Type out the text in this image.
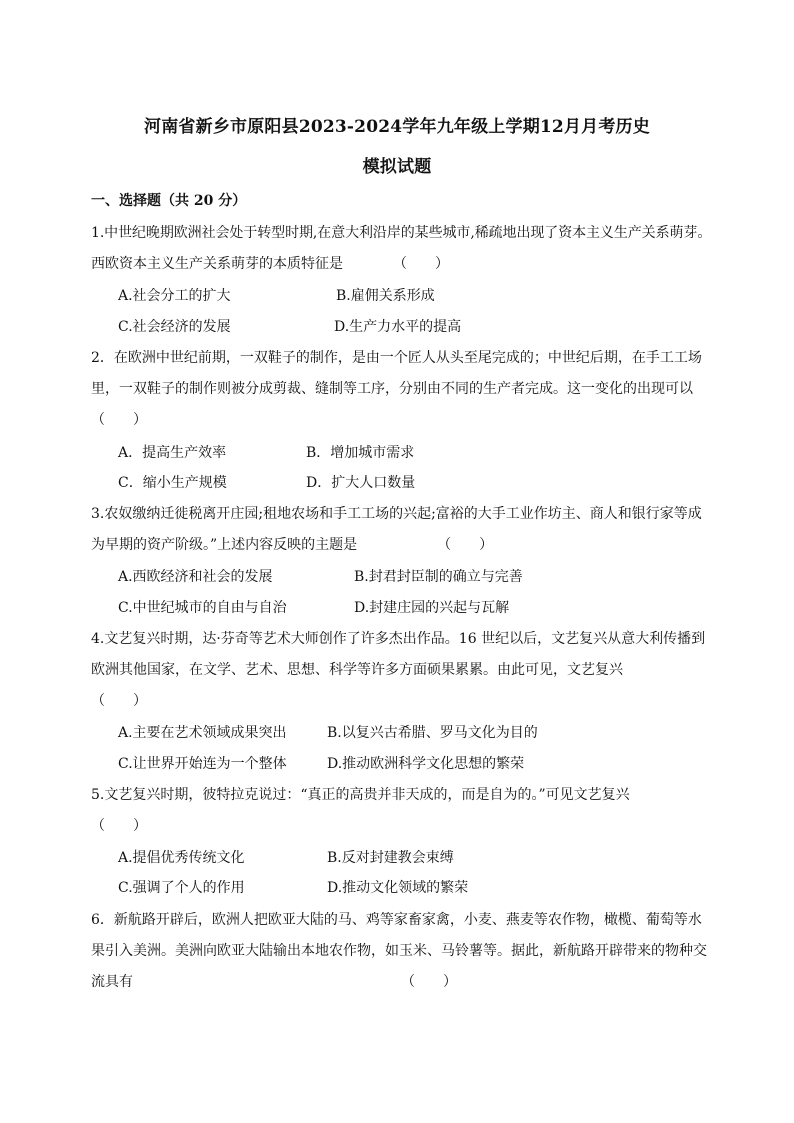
河南省新乡市原阳县2023-2024学年九年级上学期12月月考历史
模拟试题
一、选择题（共 20 分）
1.中世纪晚期欧洲社会处于转型时期,在意大利沿岸的某些城市,稀疏地出现了资本主义生产关系萌芽。
西欧资本主义生产关系萌芽的本质特征是	（　　）
A.社会分工的扩大	B.雇佣关系形成
C.社会经济的发展	D.生产力水平的提高
2．在欧洲中世纪前期，一双鞋子的制作，是由一个匠人从头至尾完成的；中世纪后期，在手工工场
里，一双鞋子的制作则被分成剪裁、缝制等工序，分别由不同的生产者完成。这一变化的出现可以
（　　）
A．提高生产效率	B．增加城市需求
C．缩小生产规模	D．扩大人口数量
3.农奴缴纳迁徙税离开庄园;租地农场和手工工场的兴起;富裕的大手工业作坊主、商人和银行家等成
为早期的资产阶级。”上述内容反映的主题是	（　　）
A.西欧经济和社会的发展	B.封君封臣制的确立与完善
C.中世纪城市的自由与自治	D.封建庄园的兴起与瓦解
4.文艺复兴时期，达·芬奇等艺术大师创作了许多杰出作品。16 世纪以后，文艺复兴从意大利传播到
欧洲其他国家，在文学、艺术、思想、科学等许多方面硕果累累。由此可见，文艺复兴
（　　）
A.主要在艺术领域成果突出	B.以复兴古希腊、罗马文化为目的
C.让世界开始连为一个整体	D.推动欧洲科学文化思想的繁荣
5.文艺复兴时期，彼特拉克说过：“真正的高贵并非天成的，而是自为的。”可见文艺复兴
（　　）
A.提倡优秀传统文化	B.反对封建教会束缚
C.强调了个人的作用	D.推动文化领域的繁荣
6．新航路开辟后，欧洲人把欧亚大陆的马、鸡等家畜家禽，小麦、燕麦等农作物，橄榄、葡萄等水
果引入美洲。美洲向欧亚大陆输出本地农作物，如玉米、马铃薯等。据此，新航路开辟带来的物种交
流具有	（　　）
